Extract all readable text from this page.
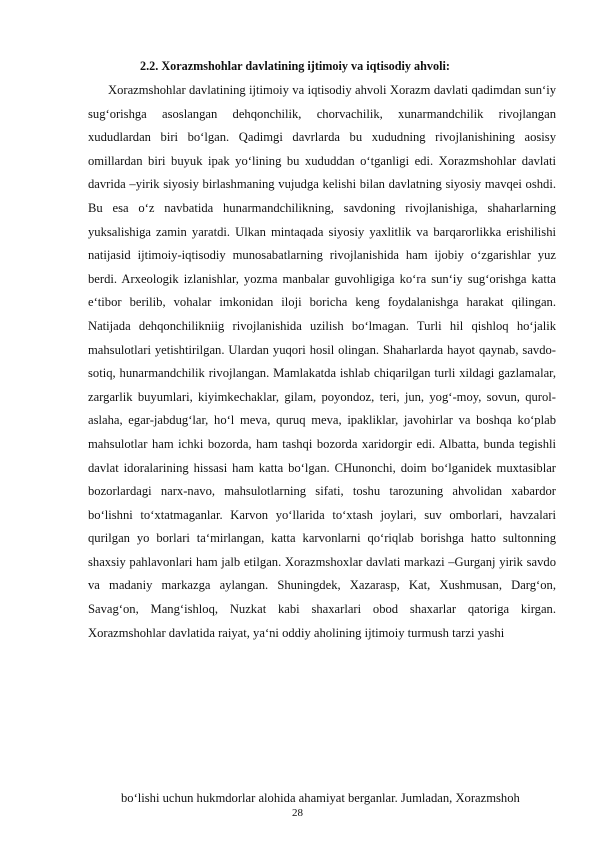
2.2. Xorazmshohlar davlatining ijtimoiy va iqtisodiy ahvoli:
Xorazmshohlar davlatining ijtimoiy va iqtisodiy ahvoli Xorazm davlati qadimdan sun‘iy sug‘orishga asoslangan dehqonchilik, chorvachilik, xunarmandchilik rivojlangan xududlardan biri bo‘lgan. Qadimgi davrlarda bu xududning rivojlanishining aosisy omillardan biri buyuk ipak yo‘lining bu xududdan o‘tganligi edi. Xorazmshohlar davlati davrida –yirik siyosiy birlashmaning vujudga kelishi bilan davlatning siyosiy mavqei oshdi. Bu esa o‘z navbatida hunarmandchilikning, savdoning rivojlanishiga, shaharlarning yuksalishiga zamin yaratdi. Ulkan mintaqada siyosiy yaxlitlik va barqarorlikka erishilishi natijasid ijtimoiy-iqtisodiy munosabatlarning rivojlanishida ham ijobiy o‘zgarishlar yuz berdi. Arxeologik izlanishlar, yozma manbalar guvohligiga ko‘ra sun‘iy sug‘orishga katta e‘tibor berilib, vohalar imkonidan iloji boricha keng foydalanishga harakat qilingan. Natijada dehqonchilikniig rivojlanishida uzilish bo‘lmagan. Turli hil qishloq ho‘jalik mahsulotlari yetishtirilgan. Ulardan yuqori hosil olingan. Shaharlarda hayot qaynab, savdo-sotiq, hunarmandchilik rivojlangan. Mamlakatda ishlab chiqarilgan turli xildagi gazlamalar, zargarlik buyumlari, kiyimkechaklar, gilam, poyondoz, teri, jun, yog‘-moy, sovun, qurol-aslaha, egar-jabdug‘lar, ho‘l meva, quruq meva, ipakliklar, javohirlar va boshqa ko‘plab mahsulotlar ham ichki bozorda, ham tashqi bozorda xaridorgir edi. Albatta, bunda tegishli davlat idoralarining hissasi ham katta bo‘lgan. CHunonchi, doim bo‘lganidek muxtasiblar bozorlardagi narx-navo, mahsulotlarning sifati, toshu tarozuning ahvolidan xabardor bo‘lishni to‘xtatmaganlar. Karvon yo‘llarida to‘xtash joylari, suv omborlari, havzalari qurilgan yo borlari ta‘mirlangan, katta karvonlarni qo‘riqlab borishga hatto sultonning shaxsiy pahlavonlari ham jalb etilgan. Xorazmshoxlar davlati markazi –Gurganj yirik savdo va madaniy markazga aylangan. Shuningdek, Xazarasp, Kat, Xushmusan, Darg‘on, Savag‘on, Mang‘ishloq, Nuzkat kabi shaxarlari obod shaxarlar qatoriga kirgan. Xorazmshohlar davlatida raiyat, ya‘ni oddiy aholining ijtimoiy turmush tarzi yashi
bo‘lishi uchun hukmdorlar alohida ahamiyat berganlar. Jumladan, Xorazmshoh
28
